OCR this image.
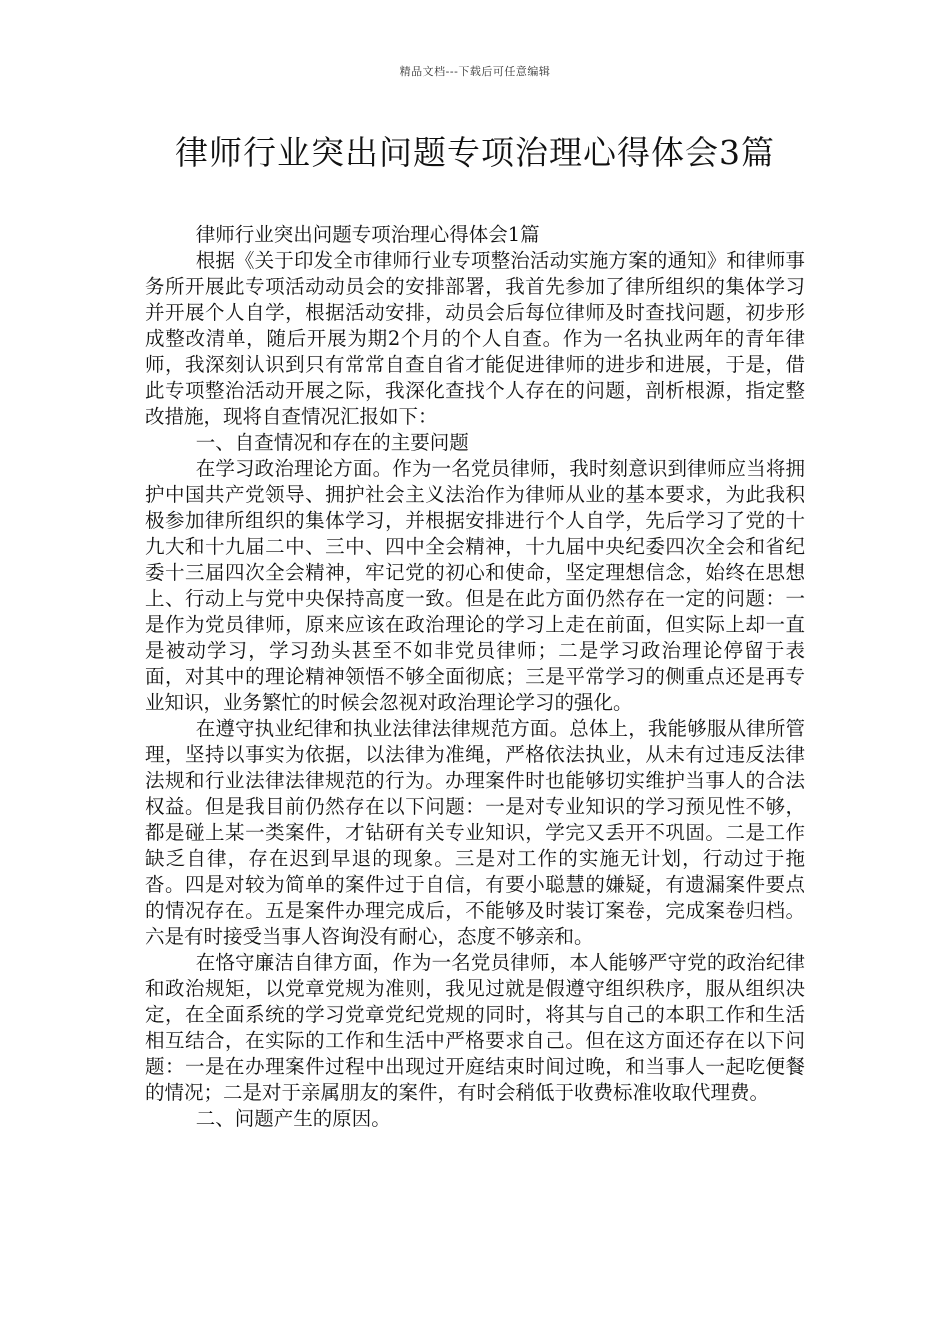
精品文档---下载后可任意编辑
律师行业突出问题专项治理心得体会3篇

律师行业突出问题专项治理心得体会1篇

根据《关于印发全市律师行业专项整治活动实施方案的通知》和律师事务所开展此专项活动动员会的安排部署，我首先参加了律所组织的集体学习并开展个人自学，根据活动安排，动员会后每位律师及时查找问题，初步形成整改清单，随后开展为期2个月的个人自查。作为一名执业两年的青年律师，我深刻认识到只有常常自查自省才能促进律师的进步和进展，于是，借此专项整治活动开展之际，我深化查找个人存在的问题，剖析根源，指定整改措施，现将自查情况汇报如下：

一、自查情况和存在的主要问题

在学习政治理论方面。作为一名党员律师，我时刻意识到律师应当将拥护中国共产党领导、拥护社会主义法治作为律师从业的基本要求，为此我积极参加律所组织的集体学习，并根据安排进行个人自学，先后学习了党的十九大和十九届二中、三中、四中全会精神，十九届中央纪委四次全会和省纪委十三届四次全会精神，牢记党的初心和使命，坚定理想信念，始终在思想上、行动上与党中央保持高度一致。但是在此方面仍然存在一定的问题：一是作为党员律师，原来应该在政治理论的学习上走在前面，但实际上却一直是被动学习，学习劲头甚至不如非党员律师；二是学习政治理论停留于表面，对其中的理论精神领悟不够全面彻底；三是平常学习的侧重点还是再专业知识，业务繁忙的时候会忽视对政治理论学习的强化。

在遵守执业纪律和执业法律法律规范方面。总体上，我能够服从律所管理，坚持以事实为依据，以法律为准绳，严格依法执业，从未有过违反法律法规和行业法律法律规范的行为。办理案件时也能够切实维护当事人的合法权益。但是我目前仍然存在以下问题：一是对专业知识的学习预见性不够，都是碰上某一类案件，才钻研有关专业知识，学完又丢开不巩固。二是工作缺乏自律，存在迟到早退的现象。三是对工作的实施无计划，行动过于拖沓。四是对较为简单的案件过于自信，有要小聪慧的嫌疑，有遗漏案件要点的情况存在。五是案件办理完成后，不能够及时装订案卷，完成案卷归档。六是有时接受当事人咨询没有耐心，态度不够亲和。

在恪守廉洁自律方面，作为一名党员律师，本人能够严守党的政治纪律和政治规矩，以党章党规为准则，我见过就是假遵守组织秩序，服从组织决定，在全面系统的学习党章党纪党规的同时，将其与自己的本职工作和生活相互结合，在实际的工作和生活中严格要求自己。但在这方面还存在以下问题：一是在办理案件过程中出现过开庭结束时间过晚，和当事人一起吃便餐的情况；二是对于亲属朋友的案件，有时会稍低于收费标准收取代理费。

二、问题产生的原因。
